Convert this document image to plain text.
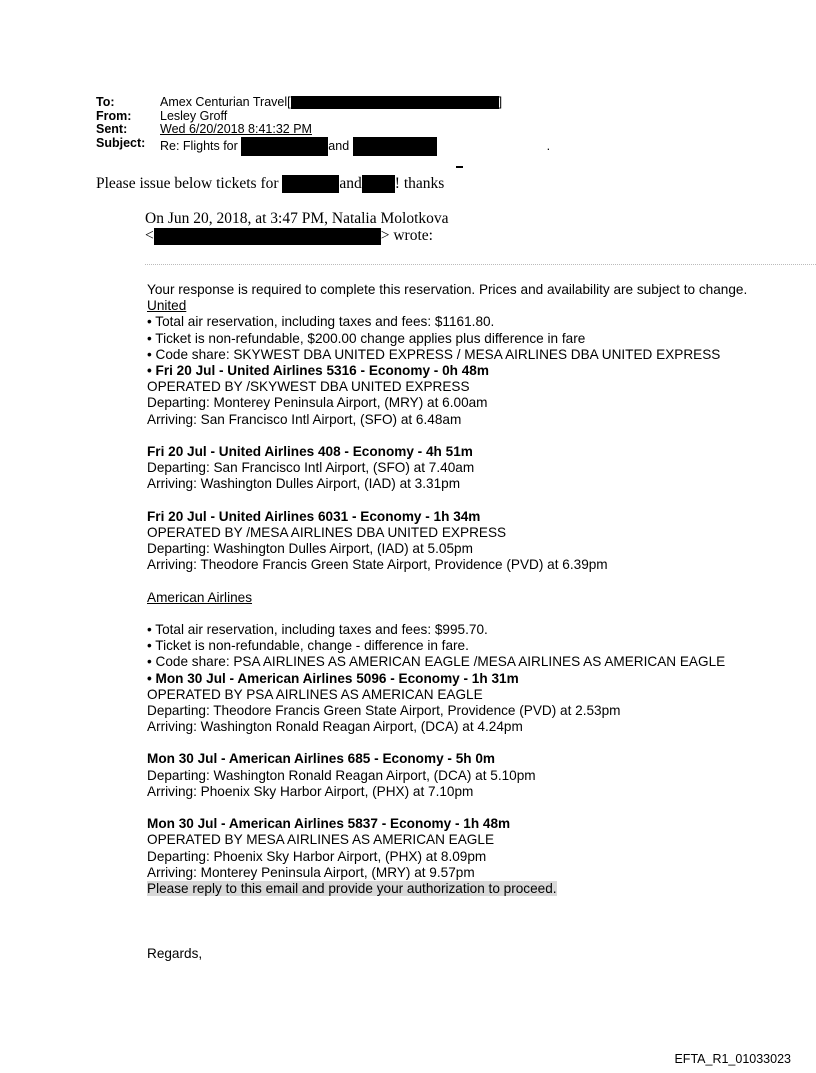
To:	Amex Centurian Travel[	]
From:	Lesley Groff
Sent:	Wed 6/20/2018 8:41:32 PM
Subject:	Re: Flights for	and	.
Please issue below tickets for	and ! thanks
On Jun 20, 2018, at 3:47 PM, Natalia Molotkova
<	> wrote:
Your response is required to complete this reservation. Prices and availability are subject to change.
United
• Total air reservation, including taxes and fees: $1161.80.
• Ticket is non-refundable, $200.00 change applies plus difference in fare
• Code share: SKYWEST DBA UNITED EXPRESS / MESA AIRLINES DBA UNITED EXPRESS
• Fri 20 Jul - United Airlines 5316 - Economy - 0h 48m
OPERATED BY /SKYWEST DBA UNITED EXPRESS
Departing: Monterey Peninsula Airport, (MRY) at 6.00am
Arriving: San Francisco Intl Airport, (SFO) at 6.48am
Fri 20 Jul - United Airlines 408 - Economy - 4h 51m
Departing: San Francisco Intl Airport, (SFO) at 7.40am
Arriving: Washington Dulles Airport, (IAD) at 3.31pm
Fri 20 Jul - United Airlines 6031 - Economy - 1h 34m
OPERATED BY /MESA AIRLINES DBA UNITED EXPRESS
Departing: Washington Dulles Airport, (IAD) at 5.05pm
Arriving: Theodore Francis Green State Airport, Providence (PVD) at 6.39pm
American Airlines
• Total air reservation, including taxes and fees: $995.70.
• Ticket is non-refundable, change - difference in fare.
• Code share: PSA AIRLINES AS AMERICAN EAGLE /MESA AIRLINES AS AMERICAN EAGLE
• Mon 30 Jul - American Airlines 5096 - Economy - 1h 31m
OPERATED BY PSA AIRLINES AS AMERICAN EAGLE
Departing: Theodore Francis Green State Airport, Providence (PVD) at 2.53pm
Arriving: Washington Ronald Reagan Airport, (DCA) at 4.24pm
Mon 30 Jul - American Airlines 685 - Economy - 5h 0m
Departing: Washington Ronald Reagan Airport, (DCA) at 5.10pm
Arriving: Phoenix Sky Harbor Airport, (PHX) at 7.10pm
Mon 30 Jul - American Airlines 5837 - Economy - 1h 48m
OPERATED BY MESA AIRLINES AS AMERICAN EAGLE
Departing: Phoenix Sky Harbor Airport, (PHX) at 8.09pm
Arriving: Monterey Peninsula Airport, (MRY) at 9.57pm
Please reply to this email and provide your authorization to proceed.
Regards,
EFTA_R1_01033023
